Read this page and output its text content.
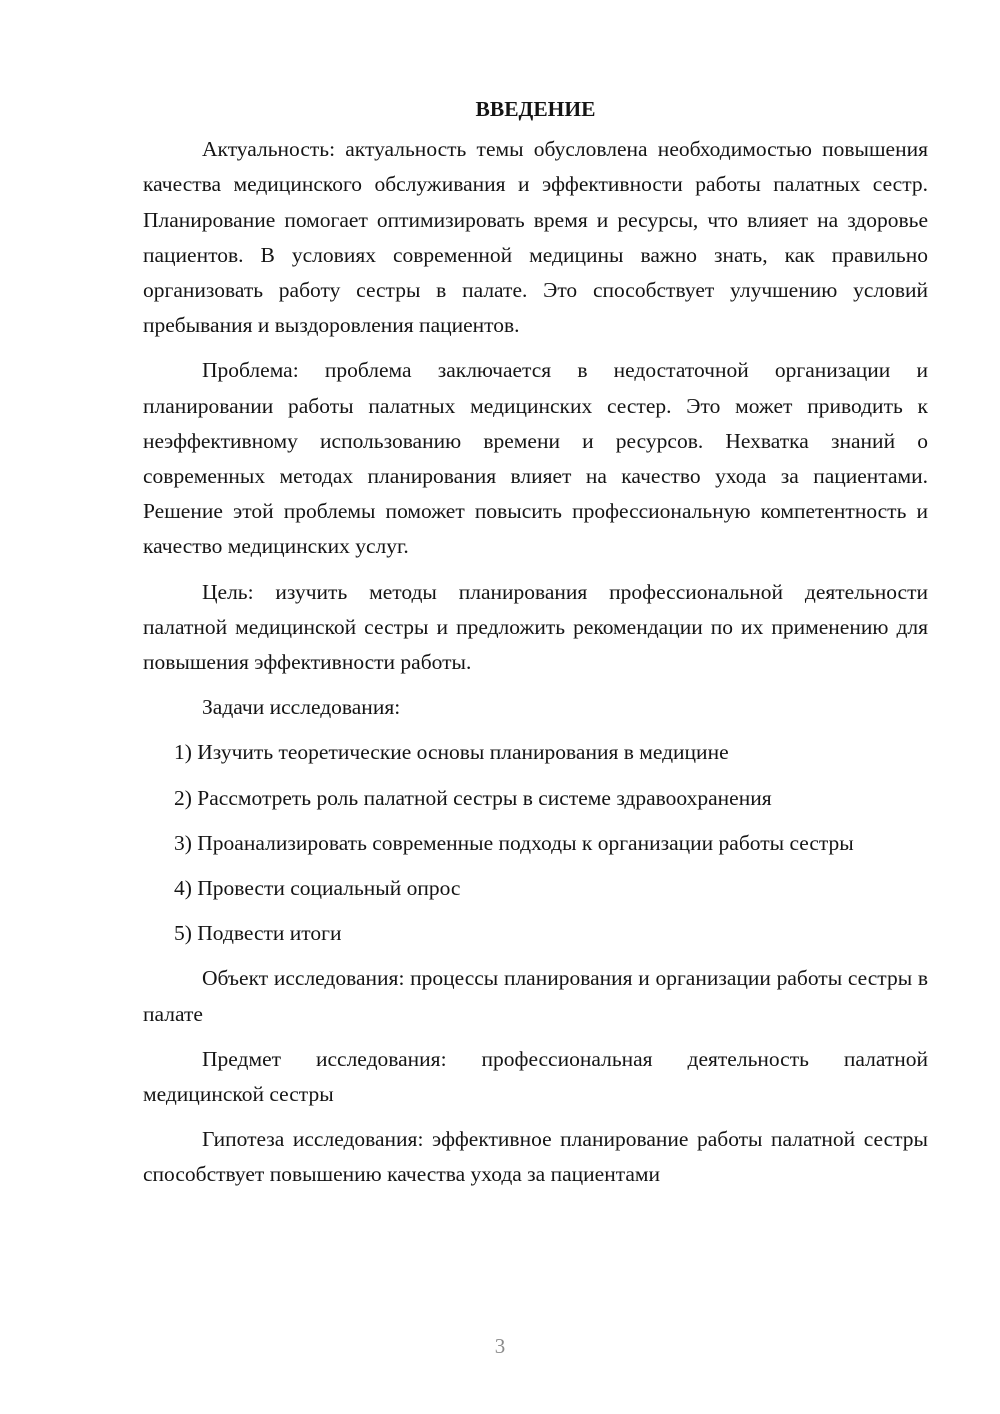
ВВЕДЕНИЕ

Актуальность: актуальность темы обусловлена необходимостью повышения качества медицинского обслуживания и эффективности работы палатных сестр. Планирование помогает оптимизировать время и ресурсы, что влияет на здоровье пациентов. В условиях современной медицины важно знать, как правильно организовать работу сестры в палате. Это способствует улучшению условий пребывания и выздоровления пациентов.

Проблема: проблема заключается в недостаточной организации и планировании работы палатных медицинских сестер. Это может приводить к неэффективному использованию времени и ресурсов. Нехватка знаний о современных методах планирования влияет на качество ухода за пациентами. Решение этой проблемы поможет повысить профессиональную компетентность и качество медицинских услуг.

Цель: изучить методы планирования профессиональной деятельности палатной медицинской сестры и предложить рекомендации по их применению для повышения эффективности работы.

Задачи исследования:

1) Изучить теоретические основы планирования в медицине

2) Рассмотреть роль палатной сестры в системе здравоохранения

3) Проанализировать современные подходы к организации работы сестры

4) Провести социальный опрос

5) Подвести итоги

Объект исследования: процессы планирования и организации работы сестры в палате

Предмет исследования: профессиональная деятельность палатной медицинской сестры

Гипотеза исследования: эффективное планирование работы палатной сестры способствует повышению качества ухода за пациентами

3
